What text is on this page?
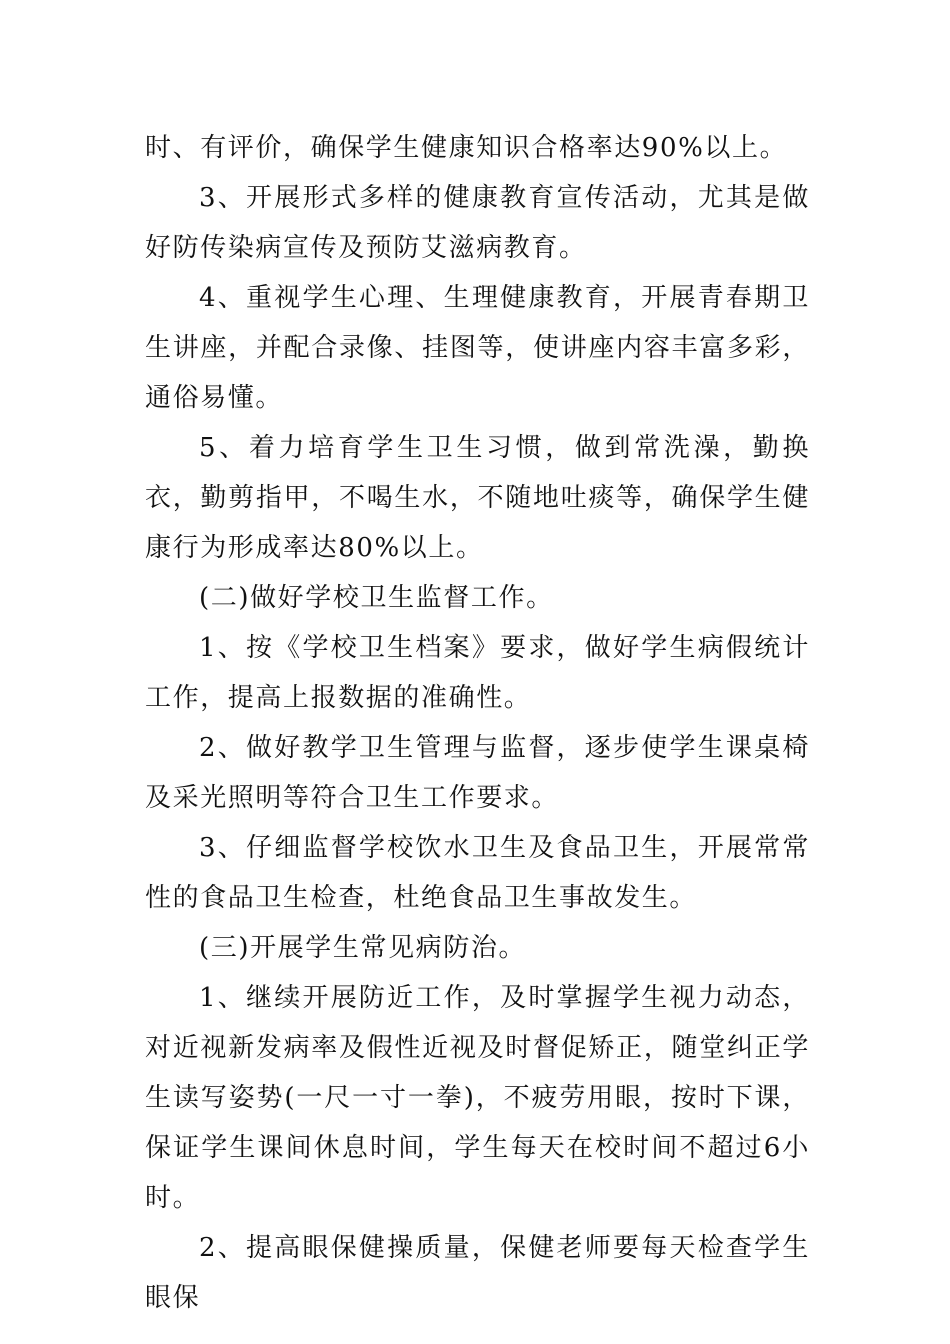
时、有评价，确保学生健康知识合格率达90%以上。

3、开展形式多样的健康教育宣传活动，尤其是做好防传染病宣传及预防艾滋病教育。

4、重视学生心理、生理健康教育，开展青春期卫生讲座，并配合录像、挂图等，使讲座内容丰富多彩，通俗易懂。

5、着力培育学生卫生习惯，做到常洗澡，勤换衣，勤剪指甲，不喝生水，不随地吐痰等，确保学生健康行为形成率达80%以上。

(二)做好学校卫生监督工作。

1、按《学校卫生档案》要求，做好学生病假统计工作，提高上报数据的准确性。

2、做好教学卫生管理与监督，逐步使学生课桌椅及采光照明等符合卫生工作要求。

3、仔细监督学校饮水卫生及食品卫生，开展常常性的食品卫生检查，杜绝食品卫生事故发生。

(三)开展学生常见病防治。

1、继续开展防近工作，及时掌握学生视力动态，对近视新发病率及假性近视及时督促矫正，随堂纠正学生读写姿势(一尺一寸一拳)，不疲劳用眼，按时下课，保证学生课间休息时间，学生每天在校时间不超过6小时。

2、提高眼保健操质量，保健老师要每天检查学生眼保
